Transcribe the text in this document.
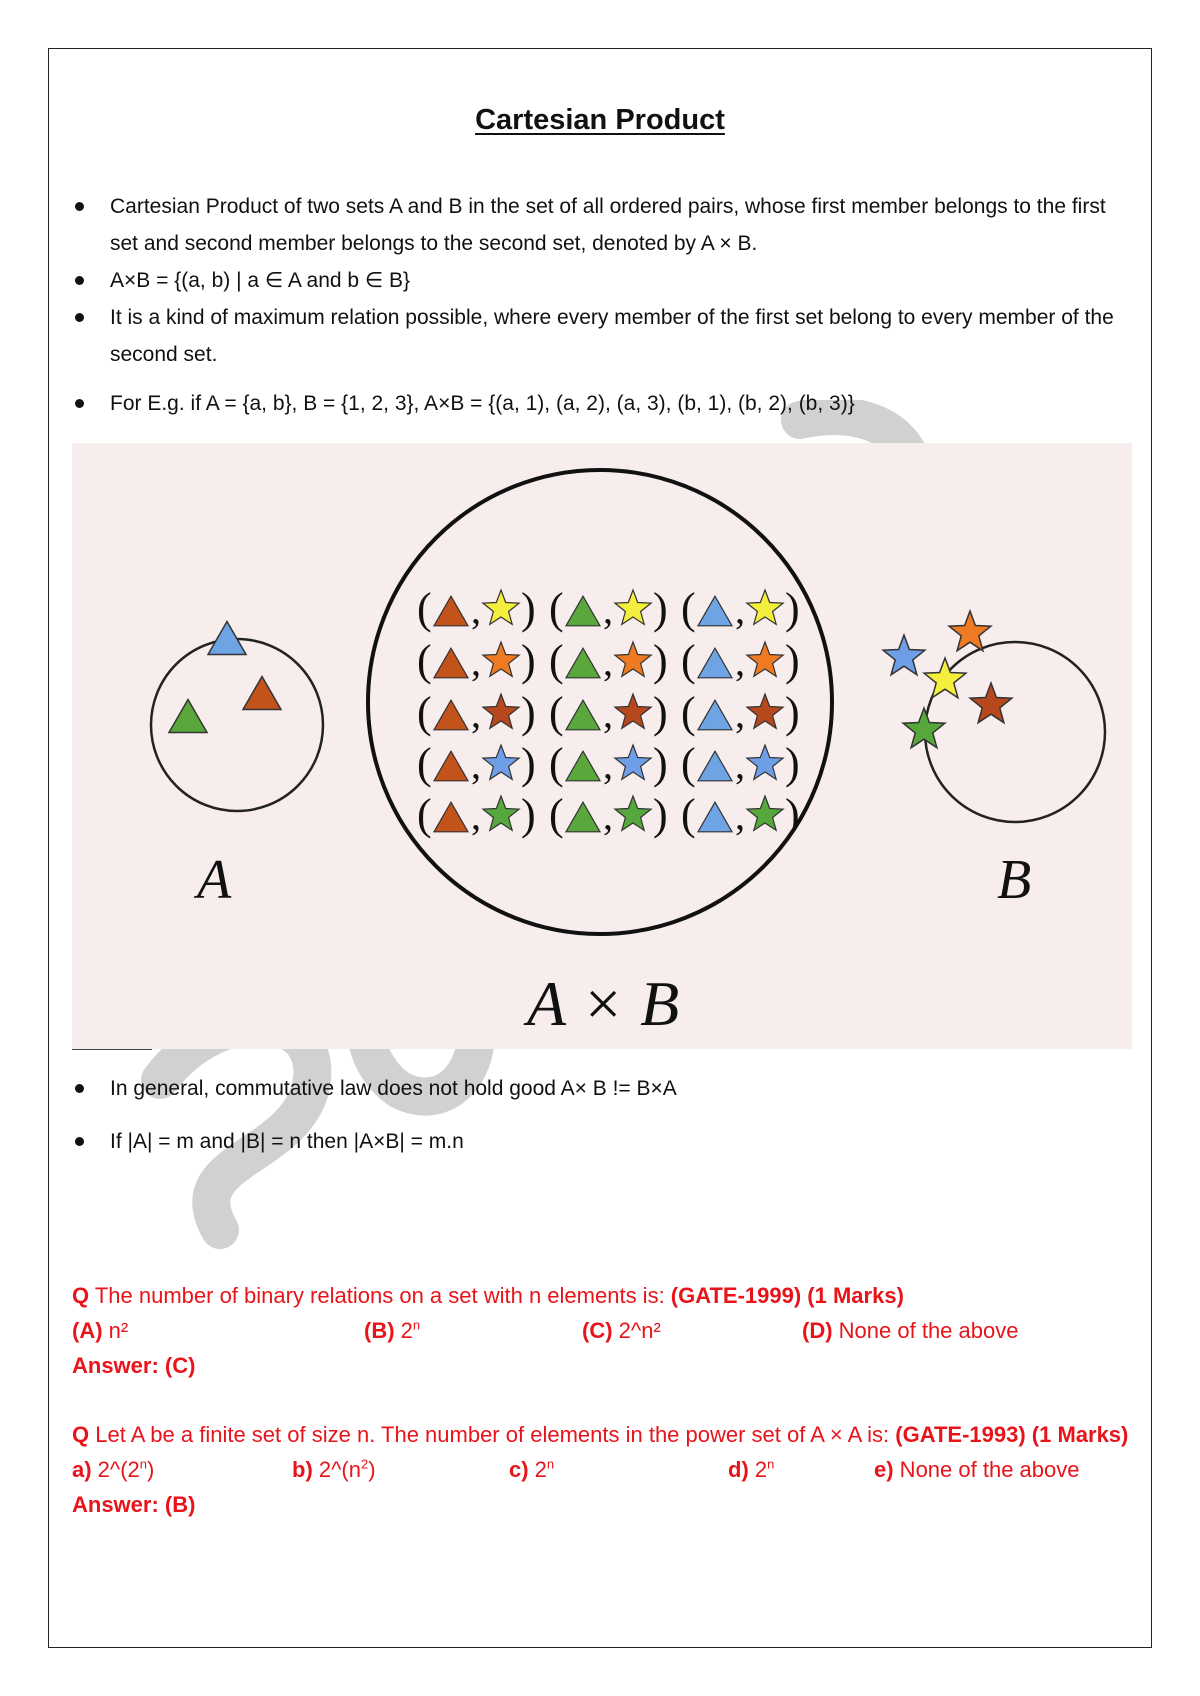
Cartesian Product
Cartesian Product of two sets A and B in the set of all ordered pairs, whose first member belongs to the first set and second member belongs to the second set, denoted by A × B.
A×B = {(a, b) | a ∈ A and b ∈ B}
It is a kind of maximum relation possible, where every member of the first set belong to every member of the second set.
For E.g. if A = {a, b}, B = {1, 2, 3}, A×B = {(a, 1), (a, 2), (a, 3), (b, 1), (b, 2), (b, 3)}
A
( , ) ( , ) ( , )
( , ) ( , ) ( , )
( , ) ( , ) ( , )
( , ) ( , ) ( , )
( , ) ( , ) ( , )
A × B
B
In general, commutative law does not hold good A× B != B×A
If |A| = m and |B| = n then |A×B| = m.n
Q The number of binary relations on a set with n elements is: (GATE-1999) (1 Marks)
(A) n²	(B) 2$^n$	(C) 2^n²	(D) None of the above
Answer: (C)
Q Let A be a finite set of size n. The number of elements in the power set of A × A is: (GATE-1993) (1 Marks)
a) 2^(2$^n$)	b) $2\^{}(n^2)$	c) 2$^n$	d) 2$^n$	e) None of the above
Answer: (B)
